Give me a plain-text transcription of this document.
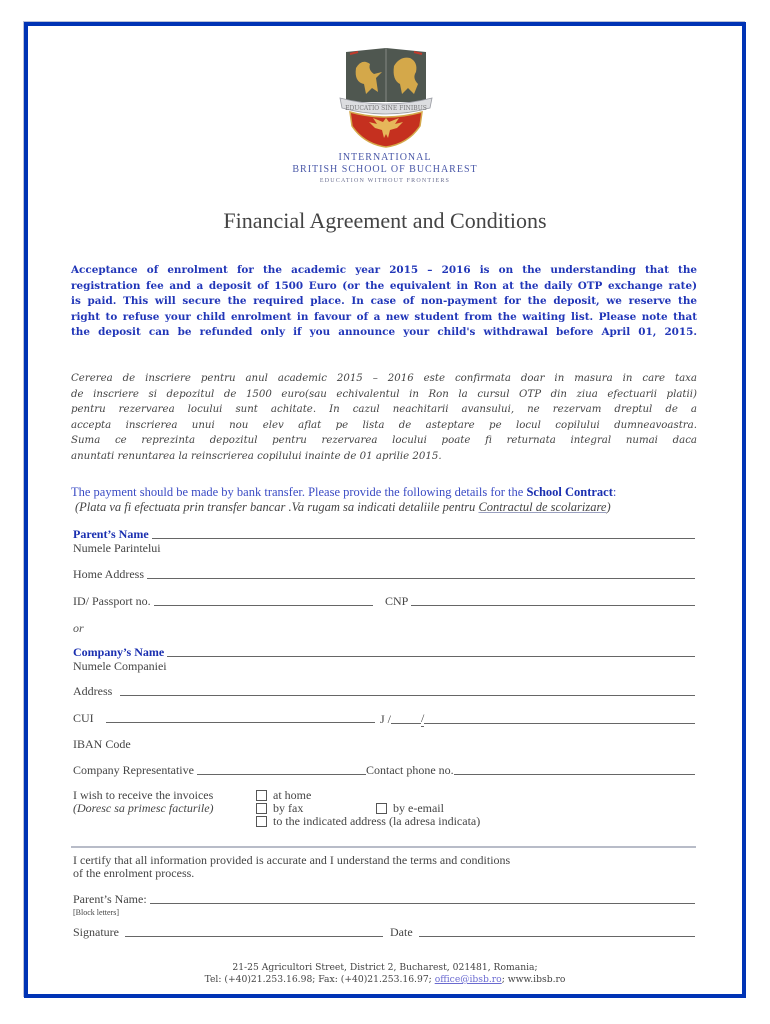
EDUCATIO SINE FINIBUS
INTERNATIONAL
BRITISH SCHOOL OF BUCHAREST
EDUCATION WITHOUT FRONTIERS
Financial Agreement and Conditions
Acceptance of enrolment for the academic year 2015 – 2016 is on the understanding that the
registration fee and a deposit of 1500 Euro (or the equivalent in Ron at the daily OTP exchange rate)
is paid. This will secure the required place. In case of non-payment for the deposit, we reserve the
right to refuse your child enrolment in favour of a new student from the waiting list. Please note that
the deposit can be refunded only if you announce your child's withdrawal before April 01, 2015.
Cererea de inscriere pentru anul academic 2015 – 2016 este confirmata doar in masura in care taxa
de inscriere si depozitul de 1500 euro(sau echivalentul in Ron la cursul OTP din ziua efectuarii platii)
pentru rezervarea locului sunt achitate. In cazul neachitarii avansului, ne rezervam dreptul de a
accepta inscrierea unui nou elev aflat pe lista de asteptare pe locul copilului dumneavoastra.
Suma ce reprezinta depozitul pentru rezervarea locului poate fi returnata integral numai daca
anuntati renuntarea la reinscrierea copilului inainte de 01 aprilie 2015.
The payment should be made by bank transfer. Please provide the following details for the School Contract:
(Plata va fi efectuata prin transfer bancar .Va rugam sa indicati detaliile pentru Contractul de scolarizare)
Parent’s Name
Numele Parintelui
Home Address
ID/ Passport no.	CNP
or
Company’s Name
Numele Companiei
Address
CUI	J /	/
IBAN Code
Company Representative	Contact phone no.
I wish to receive the invoices
(Doresc sa primesc facturile)
at home
by fax	by e-email
to the indicated address (la adresa indicata)
I certify that all information provided is accurate and I understand the terms and conditions
of the enrolment process.
Parent’s Name:
[Block letters]
Signature	Date
21-25 Agricultori Street, District 2, Bucharest, 021481, Romania;
Tel: (+40)21.253.16.98; Fax: (+40)21.253.16.97; office@ibsb.ro; www.ibsb.ro
